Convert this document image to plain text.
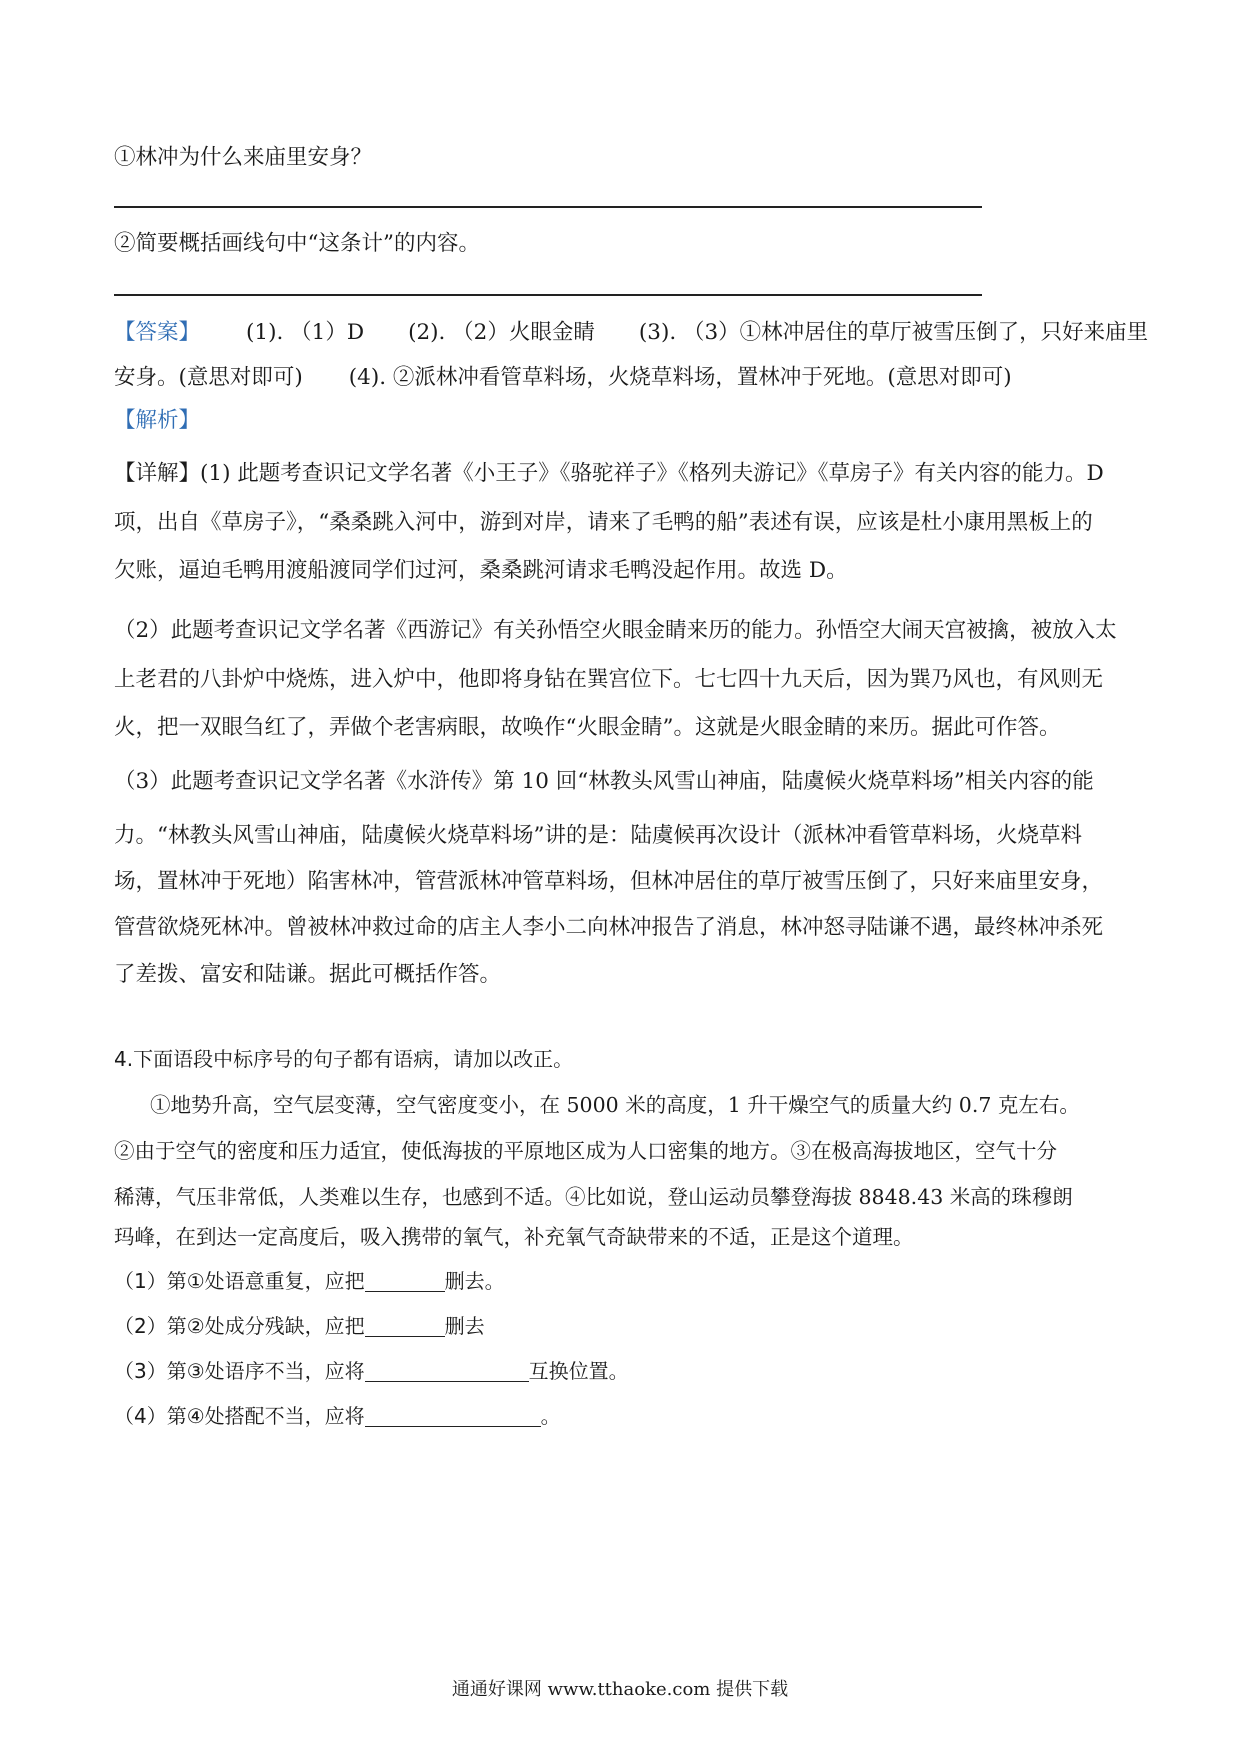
①林冲为什么来庙里安身？
②简要概括画线句中“这条计”的内容。
【答案】 (1). （1）D (2). （2）火眼金睛 (3). （3）①林冲居住的草厅被雪压倒了，只好来庙里
安身。(意思对即可) (4). ②派林冲看管草料场，火烧草料场，置林冲于死地。(意思对即可)
【解析】
【详解】(1) 此题考查识记文学名著《小王子》《骆驼祥子》《格列夫游记》《草房子》有关内容的能力。D
项，出自《草房子》，“桑桑跳入河中，游到对岸，请来了毛鸭的船”表述有误，应该是杜小康用黑板上的
欠账，逼迫毛鸭用渡船渡同学们过河，桑桑跳河请求毛鸭没起作用。故选 D。
（2）此题考查识记文学名著《西游记》有关孙悟空火眼金睛来历的能力。孙悟空大闹天宫被擒，被放入太
上老君的八卦炉中烧炼，进入炉中，他即将身钻在巽宫位下。七七四十九天后，因为巽乃风也，有风则无
火，把一双眼刍红了，弄做个老害病眼，故唤作“火眼金睛”。这就是火眼金睛的来历。据此可作答。
（3）此题考查识记文学名著《水浒传》第 10 回“林教头风雪山神庙，陆虞候火烧草料场”相关内容的能
力。“林教头风雪山神庙，陆虞候火烧草料场”讲的是：陆虞候再次设计（派林冲看管草料场，火烧草料
场，置林冲于死地）陷害林冲，管营派林冲管草料场，但林冲居住的草厅被雪压倒了，只好来庙里安身，
管营欲烧死林冲。曾被林冲救过命的店主人李小二向林冲报告了消息，林冲怒寻陆谦不遇，最终林冲杀死
了差拨、富安和陆谦。据此可概括作答。
4.下面语段中标序号的句子都有语病，请加以改正。
①地势升高，空气层变薄，空气密度变小，在 5000 米的高度，1 升干燥空气的质量大约 0.7 克左右。
②由于空气的密度和压力适宜，使低海拔的平原地区成为人口密集的地方。③在极高海拔地区，空气十分
稀薄，气压非常低，人类难以生存，也感到不适。④比如说，登山运动员攀登海拔 8848.43 米高的珠穆朗
玛峰，在到达一定高度后，吸入携带的氧气，补充氧气奇缺带来的不适，正是这个道理。
（1）第①处语意重复，应把	删去。
（2）第②处成分残缺，应把	删去
（3）第③处语序不当，应将	互换位置。
（4）第④处搭配不当，应将	。
通通好课网 www.tthaoke.com 提供下载
